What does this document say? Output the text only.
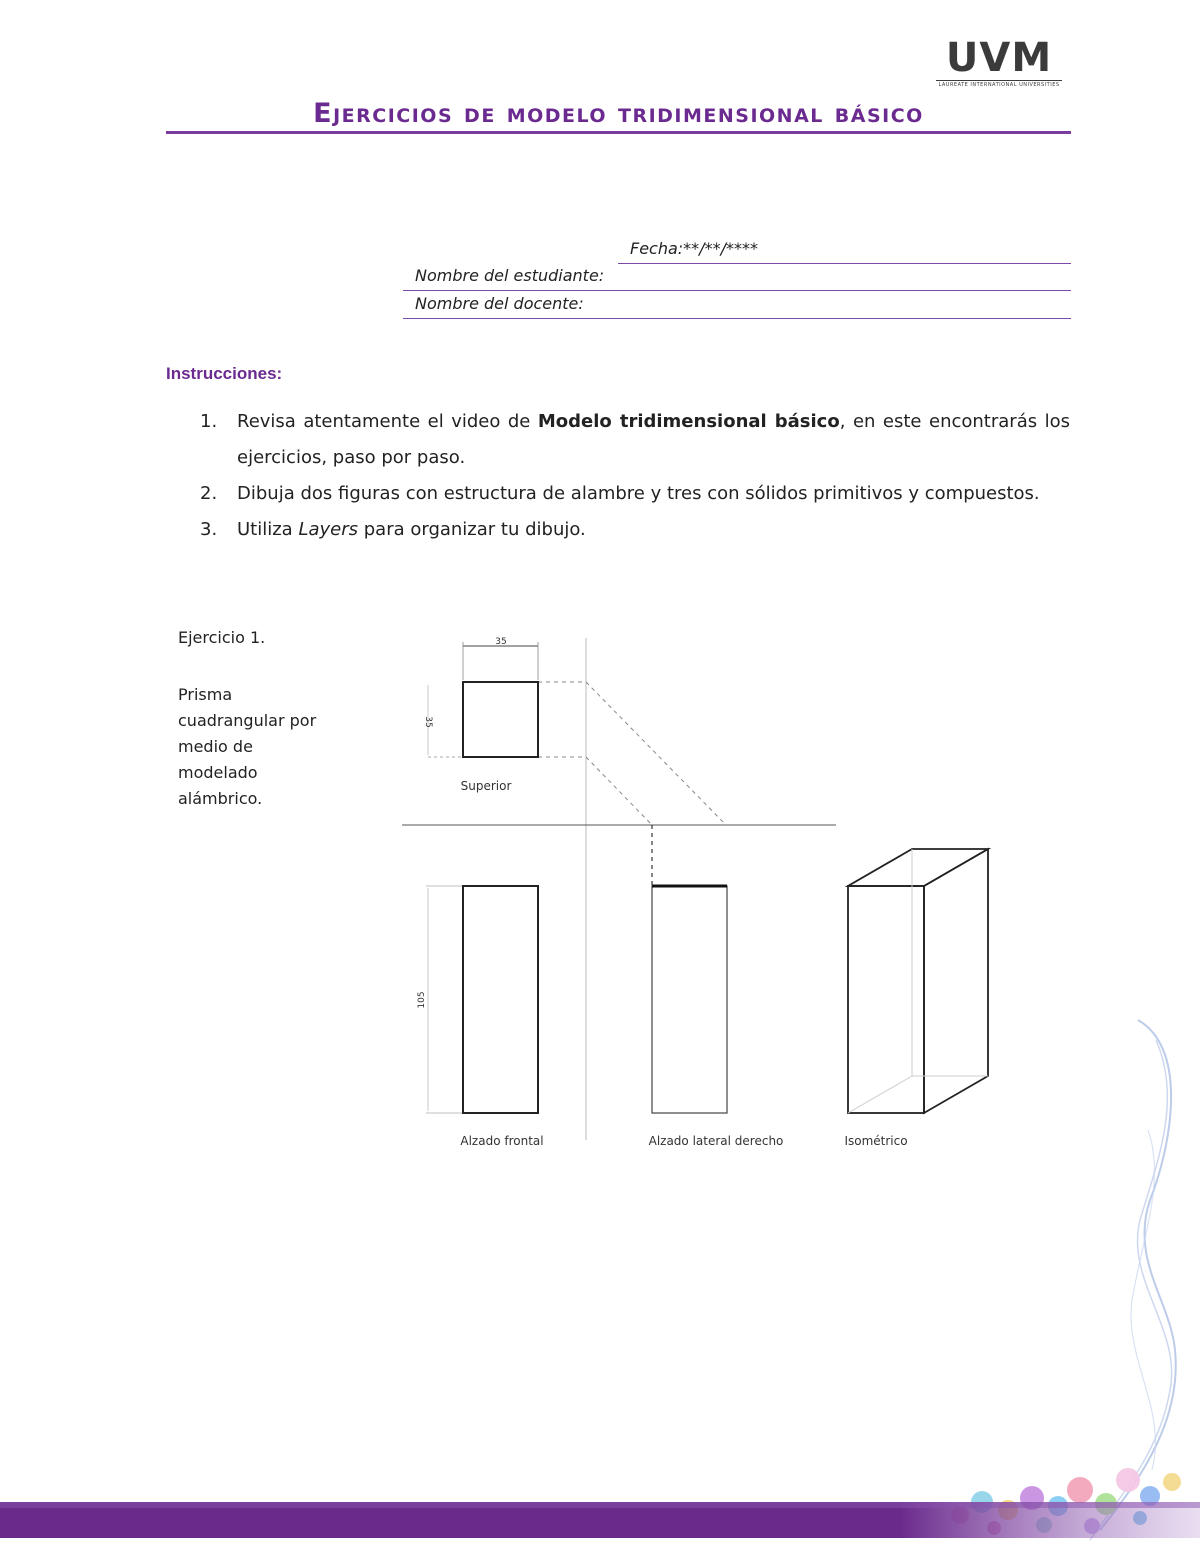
UVM
LAUREATE INTERNATIONAL UNIVERSITIES
Ejercicios de modelo tridimensional básico
Fecha:**/**/****
Nombre del estudiante:
Nombre del docente:
Instrucciones:
1. Revisa atentamente el video de Modelo tridimensional básico, en este encontrarás los ejercicios, paso por paso.
2. Dibuja dos figuras con estructura de alambre y tres con sólidos primitivos y compuestos.
3. Utiliza Layers para organizar tu dibujo.
Ejercicio 1.
Prisma cuadrangular por medio de modelado alámbrico.
35
35
Superior
105
Alzado frontal	Alzado lateral derecho	Isométrico
